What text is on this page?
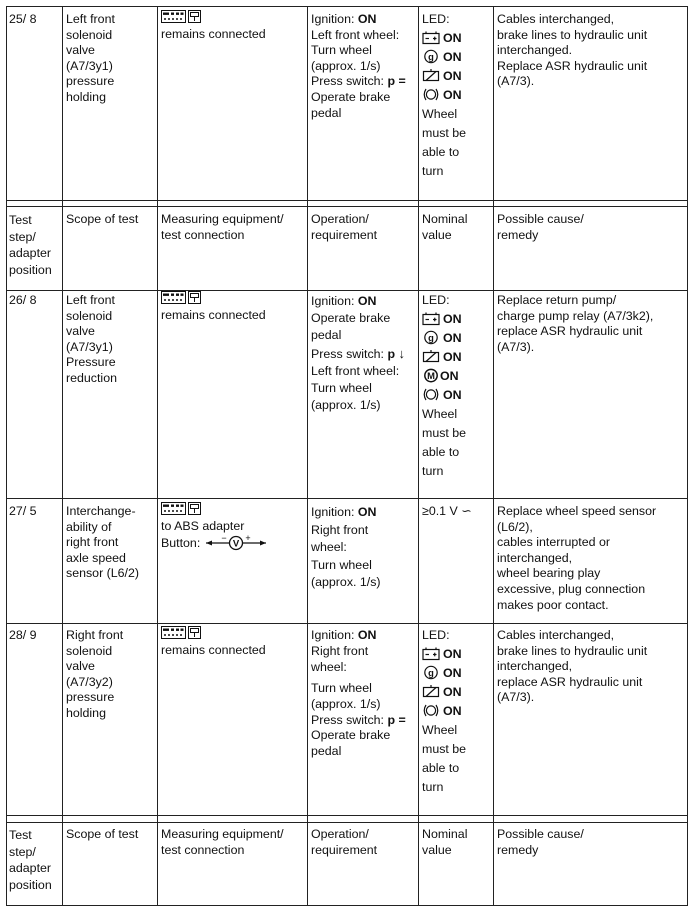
25/ 8 Left front
solenoid
valve
(A7/3y1)
pressure
holding
remains connected
Ignition: ON
Left front wheel:
Turn wheel
(approx. 1/s)
Press switch: p =
Operate brake
pedal
LED:
ON
ON
ON
ON
Wheel
must be
able to
turn
Cables interchanged,
brake lines to hydraulic unit
interchanged.
Replace ASR hydraulic unit
(A7/3).
Test
step/
adapter
position
Scope of test Measuring equipment/
test connection
Operation/
requirement
Nominal
value
Possible cause/
remedy
26/ 8 Left front
solenoid
valve
(A7/3y1)
Pressure
reduction
remains connected
Ignition: ON
Operate brake
pedal
Press switch: p ↓
Left front wheel:
Turn wheel
(approx. 1/s)
LED:
ON
ON
ON
ON
ON
Wheel
must be
able to
turn
Replace return pump/
charge pump relay (A7/3k2),
replace ASR hydraulic unit
(A7/3).
27/ 5 Interchange-
ability of
right front
axle speed
sensor (L6/2)
to ABS adapter
Button:
Ignition: ON
Right front
wheel:
Turn wheel
(approx. 1/s)
≥0.1 V ∽ Replace wheel speed sensor
(L6/2),
cables interrupted or
interchanged,
wheel bearing play
excessive, plug connection
makes poor contact.
28/ 9 Right front
solenoid
valve
(A7/3y2)
pressure
holding
remains connected
Ignition: ON
Right front
wheel:
Turn wheel
(approx. 1/s)
Press switch: p =
Operate brake
pedal
LED:
ON
ON
ON
ON
Wheel
must be
able to
turn
Cables interchanged,
brake lines to hydraulic unit
interchanged,
replace ASR hydraulic unit
(A7/3).
Test
step/
adapter
position
Scope of test Measuring equipment/
test connection
Operation/
requirement
Nominal
value
Possible cause/
remedy
